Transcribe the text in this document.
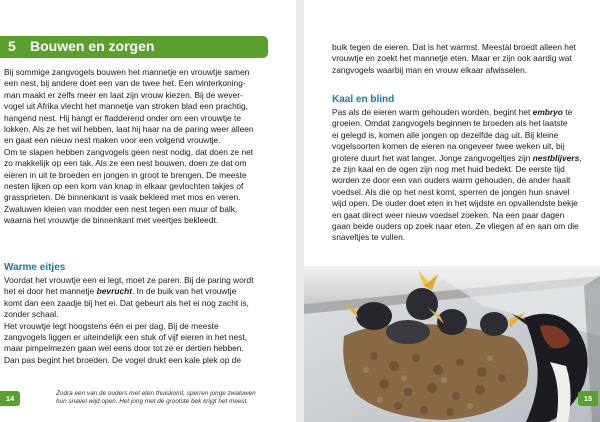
5 Bouwen en zorgen

Bij sommige zangvogels bouwen het mannetje en vrouwtje samen

een nest, bij andere doet een van de twee het. Een winterkoning-

man maakt er zelfs meer en laat zijn vrouw kiezen. Bij de wever-

vogel uit Afrika vlecht het mannetje van stroken blad een prachtig,

hangend nest. Hij hangt er fladderend onder om een vrouwtje te

lokken. Als ze het wil hebben, laat hij haar na de paring weer alleen

en gaat een nieuw nest maken voor een volgend vrouwtje.

Om te slapen hebben zangvogels geen nest nodig, dat doen ze net

zo makkelijk op een tak. Als ze een nest bouwen, doen ze dat om

eieren in uit te broeden en jongen in groot te brengen. De meeste

nesten lijken op een kom van knap in elkaar gevlochten takjes of

grassprieten. De binnenkant is vaak bekleed met mos en veren.

Zwaluwen kleien van modder een nest tegen een muur of balk,

waarna het vrouwtje de binnenkant met veertjes bekleedt.

Warme eitjes

Voordat het vrouwtje een ei legt, moet ze paren. Bij de paring wordt

het ei door het mannetje bevrucht. In de buik van het vrouwtje

komt dan een zaadje bij het ei. Dat gebeurt als het ei nog zacht is,

zonder schaal.

Het vrouwtje legt hoogstens één ei per dag. Bij de meeste

zangvogels liggen er uiteindelijk een stuk of vijf eieren in het nest,

maar pimpelmezen gaan wel eens door tot ze er dertien hebben.

Dan pas begint het broeden. De vogel drukt een kale plek op de

14
Zodra een van de ouders met eten thuiskomt, sperren jonge zwaluwen
hun snavel wijd open. Het jong met de grootste bek krijgt het meest.

buik tegen de eieren. Dat is het warmst. Meestal broedt alleen het

vrouwtje en zoekt het mannetje eten. Maar er zijn ook aardig wat

zangvogels waarbij man en vrouw elkaar afwisselen.

Kaal en blind

Pas als de eieren warm gehouden worden, begint het embryo te

groeien. Omdat zangvogels beginnen te broeden als het laatste

ei gelegd is, komen alle jongen op dezelfde dag uit. Bij kleine

vogelsoorten komen de eieren na ongeveer twee weken uit, bij

grotere duurt het wat langer. Jonge zangvogeltjes zijn nestblijvers,

ze zijn kaal en de ogen zijn nog met huid bedekt. De eerste tijd

worden ze door een van ouders warm gehouden, de ander haalt

voedsel. Als die op het nest komt, sperren de jongen hun snavel

wijd open. De ouder doet eten in het wijdste en opvallendste bekje

en gaat direct weer nieuw voedsel zoeken. Na een paar dagen

gaan beide ouders op zoek naar eten. Ze vliegen af en aan om die

snaveltjes te vullen.

15
